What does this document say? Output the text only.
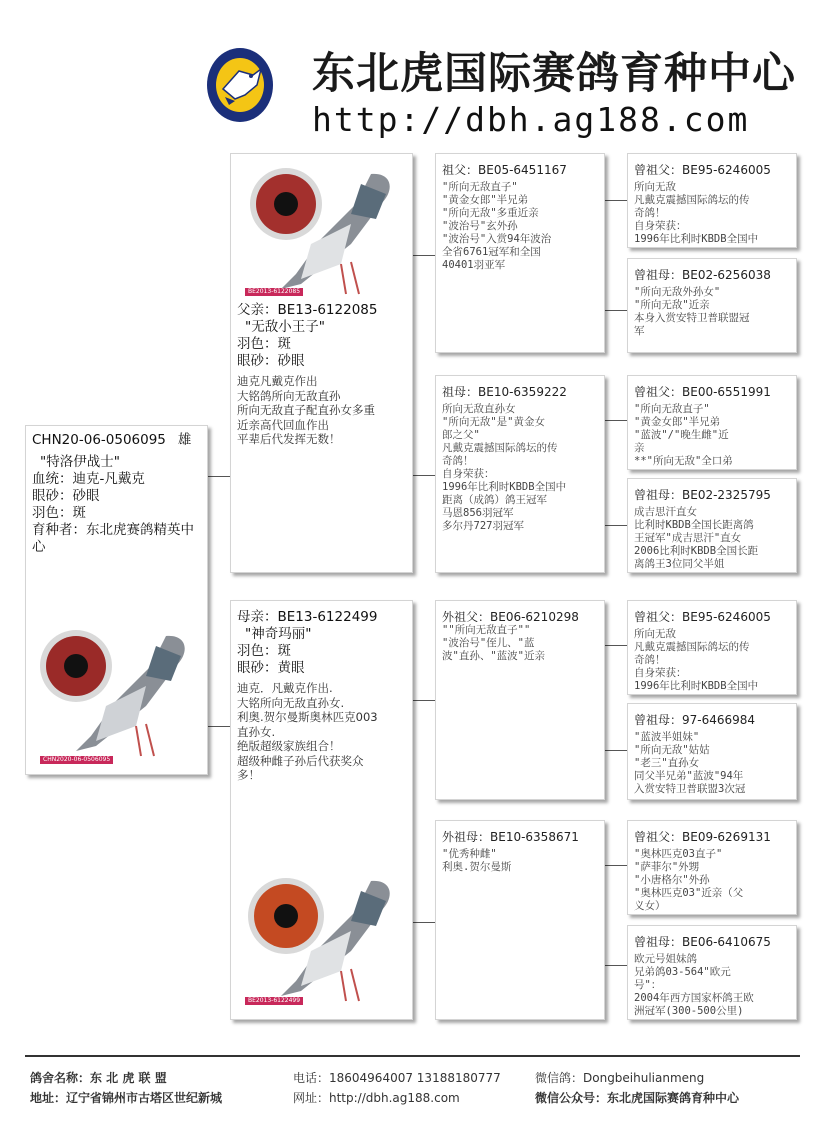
东北虎国际赛鸽育种中心
http://dbh.ag188.com
CHN20-06-0506095 雄
"特洛伊战士"
血统：迪克-凡戴克
眼砂：砂眼
羽色：斑
育种者：东北虎赛鸽精英中心
CHN2020-06-0506095
BE2013-6122085
父亲：BE13-6122085
"无敌小王子"
羽色：斑
眼砂：砂眼
迪克凡戴克作出
大铭鸽所向无敌直孙
所向无敌直子配直孙女多重
近亲高代回血作出
平辈后代发挥无数！
母亲：BE13-6122499
"神奇玛丽"
羽色：斑
眼砂：黄眼
迪克．凡戴克作出.
大铭所向无敌直孙女.
利奥.贺尔曼斯奥林匹克003
直孙女.
绝版超级家族组合！
超级种雌子孙后代获奖众
多！
BE2013-6122499
祖父：BE05-6451167
"所向无敌直子"
"黄金女郎"半兄弟
"所向无敌"多重近亲
"波治号"玄外孙
"波治号"入赏94年波治
全省6761冠军和全国
40401羽亚军
祖母：BE10-6359222
所向无敌直孙女
"所向无敌"是"黄金女
郎之父"
凡戴克震撼国际鸽坛的传
奇鸽！
自身荣获：
1996年比利时KBDB全国中
距离（成鸽）鸽王冠军
马恩856羽冠军
多尔丹727羽冠军
外祖父：BE06-6210298
""所向无敌直子""
"波治号"侄儿、"蓝
波"直孙、"蓝波"近亲
外祖母：BE10-6358671
"优秀种雌"
利奥.贺尔曼斯
曾祖父：BE95-6246005
所向无敌
凡戴克震撼国际鸽坛的传
奇鸽！
自身荣获：
1996年比利时KBDB全国中
曾祖母：BE02-6256038
"所向无敌外孙女"
"所向无敌"近亲
本身入赏安特卫普联盟冠
军
曾祖父：BE00-6551991
"所向无敌直子"
"黄金女郎"半兄弟
"蓝波"/"晚生雌"近
亲
**"所向无敌"全口弟
曾祖母：BE02-2325795
成吉思汗直女
比利时KBDB全国长距离鸽
王冠军"成吉思汗"直女
2006比利时KBDB全国长距
离鸽王3位同父半姐
曾祖父：BE95-6246005
所向无敌
凡戴克震撼国际鸽坛的传
奇鸽！
自身荣获：
1996年比利时KBDB全国中
曾祖母：97-6466984
"蓝波半姐妹"
"所向无敌"姑姑
"老三"直孙女
同父半兄弟"蓝波"94年
入赏安特卫普联盟3次冠
曾祖父：BE09-6269131
"奥林匹克03直子"
"萨菲尔"外甥
"小唐格尔"外孙
"奥林匹克03"近亲（父
义女）
曾祖母：BE06-6410675
欧元号姐妹鸽
兄弟鸽03-564"欧元
号"：
2004年西方国家杯鸽王欧
洲冠军(300-500公里)
鸽舍名称：东 北 虎 联 盟
地址：辽宁省锦州市古塔区世纪新城
电话：18604964007 13188180777
网址：http://dbh.ag188.com
微信鸽：Dongbeihulianmeng
微信公众号：东北虎国际赛鸽育种中心
